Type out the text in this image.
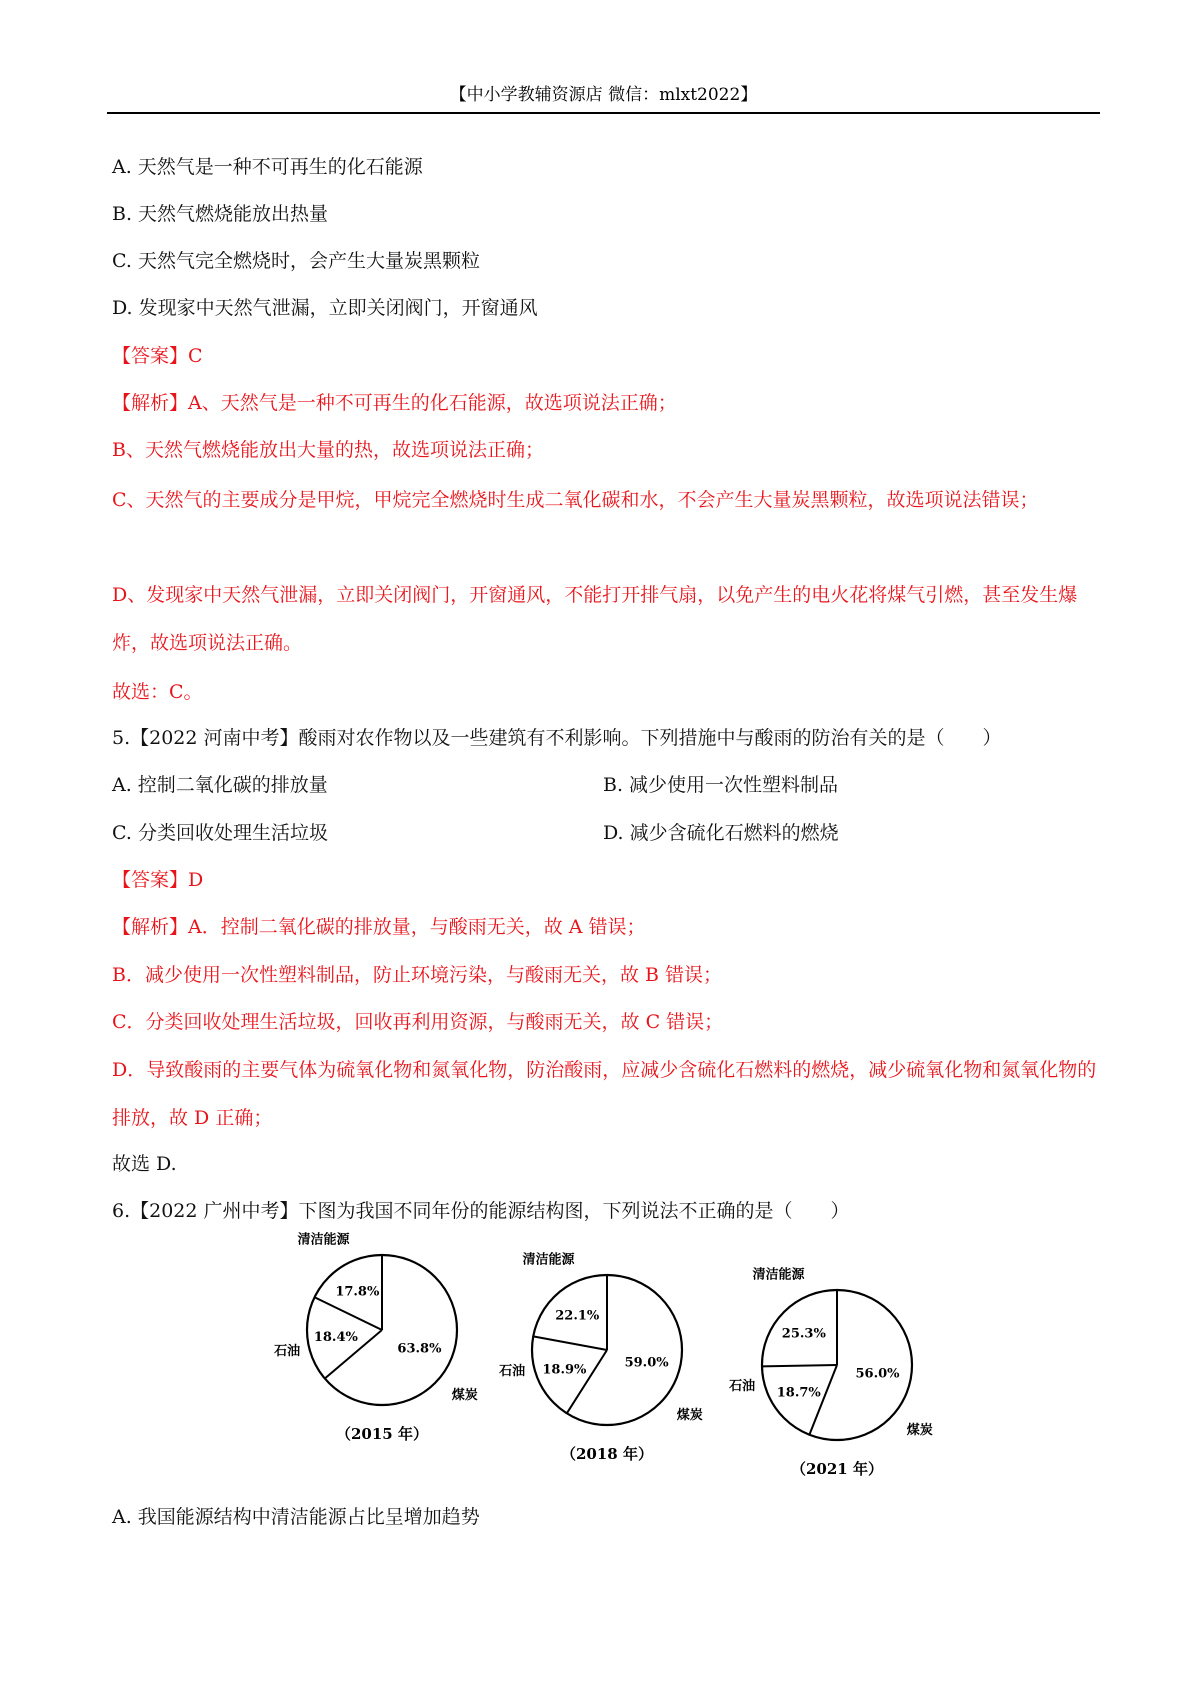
【中小学教辅资源店 微信：mlxt2022】
A. 天然气是一种不可再生的化石能源
B. 天然气燃烧能放出热量
C. 天然气完全燃烧时，会产生大量炭黑颗粒
D. 发现家中天然气泄漏，立即关闭阀门，开窗通风
【答案】C
【解析】A、天然气是一种不可再生的化石能源，故选项说法正确；
B、天然气燃烧能放出大量的热，故选项说法正确；
C、天然气的主要成分是甲烷，甲烷完全燃烧时生成二氧化碳和水，不会产生大量炭黑颗粒，故选项说法错误；
D、发现家中天然气泄漏，立即关闭阀门，开窗通风，不能打开排气扇，以免产生的电火花将煤气引燃，甚至发生爆炸，故选项说法正确。
故选：C。
5.【2022 河南中考】酸雨对农作物以及一些建筑有不利影响。下列措施中与酸雨的防治有关的是（　　）
A. 控制二氧化碳的排放量	B. 减少使用一次性塑料制品
C. 分类回收处理生活垃圾	D. 减少含硫化石燃料的燃烧
【答案】D
【解析】A．控制二氧化碳的排放量，与酸雨无关，故 A 错误；
B．减少使用一次性塑料制品，防止环境污染，与酸雨无关，故 B 错误；
C．分类回收处理生活垃圾，回收再利用资源，与酸雨无关，故 C 错误；
D．导致酸雨的主要气体为硫氧化物和氮氧化物，防治酸雨，应减少含硫化石燃料的燃烧，减少硫氧化物和氮氧化物的排放，故 D 正确；
故选 D.
6.【2022 广州中考】下图为我国不同年份的能源结构图，下列说法不正确的是（　　）
17.8%
18.4%
63.8%
清洁能源
石油
煤炭
（2015 年）
22.1%
18.9%	59.0%
清洁能源
石油
煤炭
（2018 年）
25.3%
18.7%
56.0%
清洁能源
石油
煤炭
（2021 年）
A. 我国能源结构中清洁能源占比呈增加趋势
